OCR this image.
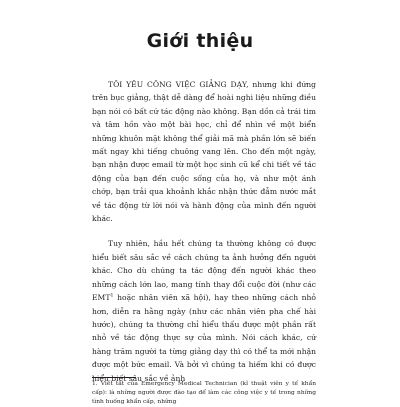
Giới thiệu

TÔI YÊU CÔNG VIỆC GIẢNG DẠY, nhưng khi đứng trên bục giảng, thật dễ dàng để hoài nghi liệu những điều bạn nói có bất cứ tác động nào không. Bạn dồn cả trái tim và tâm hồn vào một bài học, chỉ để nhìn về một biển những khuôn mặt không thể giải mã mà phần lớn sẽ biến mất ngay khi tiếng chuông vang lên. Cho đến một ngày, bạn nhận được email từ một học sinh cũ kể chi tiết về tác động của bạn đến cuộc sống của họ, và như một ánh chớp, bạn trải qua khoảnh khắc nhận thức đẫm nước mắt về tác động từ lời nói và hành động của mình đến người khác.

Tuy nhiên, hầu hết chúng ta thường không có được hiểu biết sâu sắc về cách chúng ta ảnh hưởng đến người khác. Cho dù chúng ta tác động đến người khác theo những cách lớn lao, mang tính thay đổi cuộc đời (như các EMT$^1$ hoặc nhân viên xã hội), hay theo những cách nhỏ hơn, diễn ra hằng ngày (như các nhân viên pha chế hài hước), chúng ta thường chỉ hiểu thấu được một phần rất nhỏ về tác động thực sự của mình. Nói cách khác, cứ hàng trăm người ta từng giảng dạy thì có thể ta mới nhận được một bức email. Và bởi vì chúng ta hiếm khi có được hiểu biết sâu sắc về ảnh

1. Viết tắt của Emergency Medical Technician (kĩ thuật viên y tế khẩn cấp): là những người được đào tạo để làm các công việc y tế trong những tình huống khẩn cấp, những
